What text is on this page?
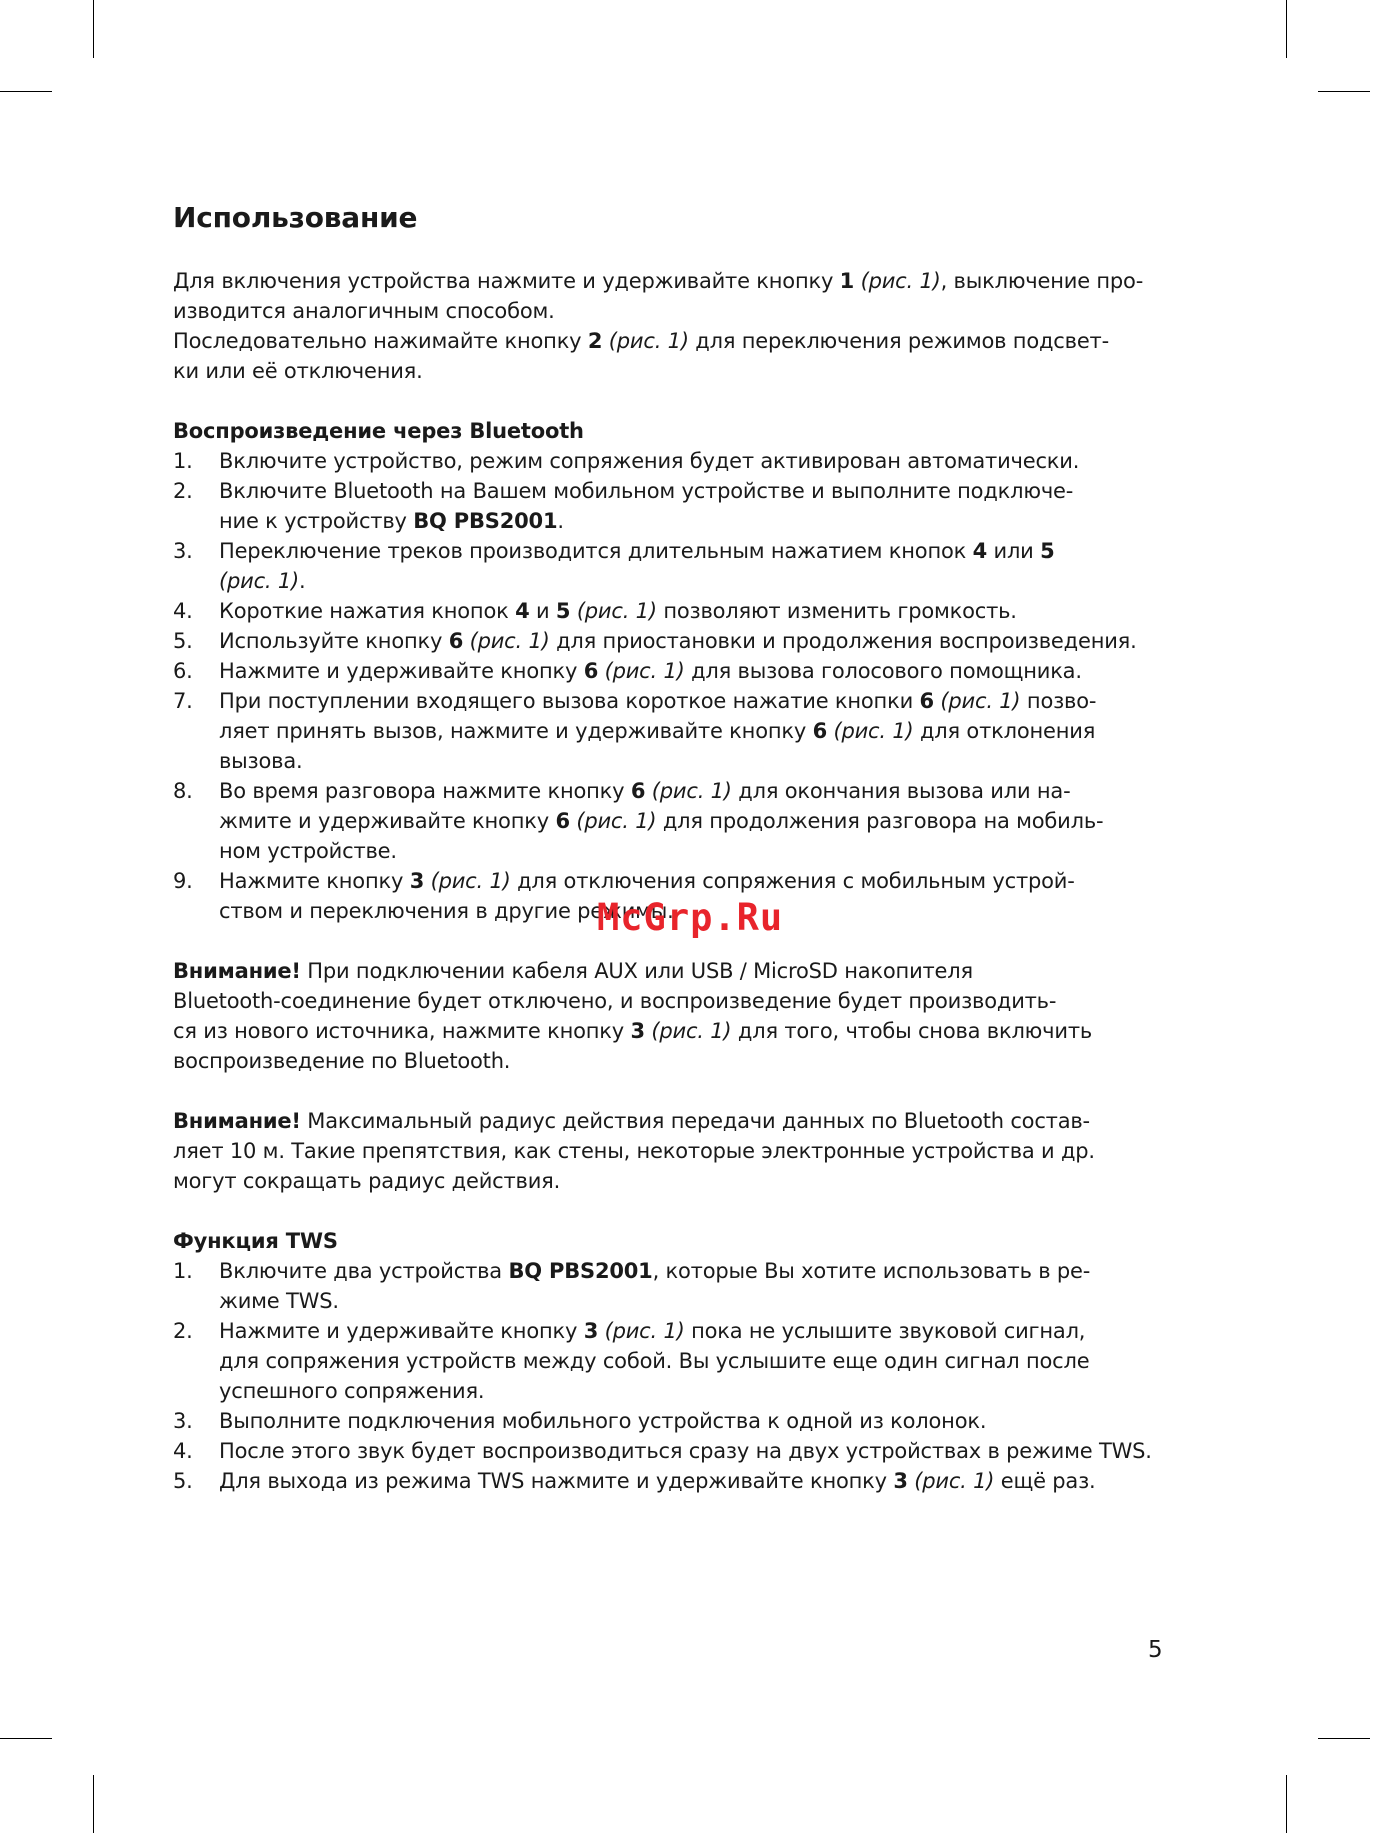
Использование
Для включения устройства нажмите и удерживайте кнопку 1 (рис. 1), выключение про-
изводится аналогичным способом.
Последовательно нажимайте кнопку 2 (рис. 1) для переключения режимов подсвет-
ки или её отключения.
Воспроизведение через Bluetooth
1. Включите устройство, режим сопряжения будет активирован автоматически.
2. Включите Bluetooth на Вашем мобильном устройстве и выполните подключе-
ние к устройству BQ PBS2001.
3. Переключение треков производится длительным нажатием кнопок 4 или 5
(рис. 1).
4. Короткие нажатия кнопок 4 и 5 (рис. 1) позволяют изменить громкость.
5. Используйте кнопку 6 (рис. 1) для приостановки и продолжения воспроизведения.
6. Нажмите и удерживайте кнопку 6 (рис. 1) для вызова голосового помощника.
7. При поступлении входящего вызова короткое нажатие кнопки 6 (рис. 1) позво-
ляет принять вызов, нажмите и удерживайте кнопку 6 (рис. 1) для отклонения
вызова.
8. Во время разговора нажмите кнопку 6 (рис. 1) для окончания вызова или на-
жмите и удерживайте кнопку 6 (рис. 1) для продолжения разговора на мобиль-
ном устройстве.
9. Нажмите кнопку 3 (рис. 1) для отключения сопряжения с мобильным устрой-
ством и переключения в другие режимы.
Внимание! При подключении кабеля AUX или USB / MicroSD накопителя
Bluetooth-соединение будет отключено, и воспроизведение будет производить-
ся из нового источника, нажмите кнопку 3 (рис. 1) для того, чтобы снова включить
воспроизведение по Bluetooth.
Внимание! Максимальный радиус действия передачи данных по Bluetooth состав-
ляет 10 м. Такие препятствия, как стены, некоторые электронные устройства и др.
могут сокращать радиус действия.
Функция TWS
1. Включите два устройства BQ PBS2001, которые Вы хотите использовать в ре-
жиме TWS.
2. Нажмите и удерживайте кнопку 3 (рис. 1) пока не услышите звуковой сигнал,
для сопряжения устройств между собой. Вы услышите еще один сигнал после
успешного сопряжения.
3. Выполните подключения мобильного устройства к одной из колонок.
4. После этого звук будет воспроизводиться сразу на двух устройствах в режиме TWS.
5. Для выхода из режима TWS нажмите и удерживайте кнопку 3 (рис. 1) ещё раз.
McGrp.Ru
5
